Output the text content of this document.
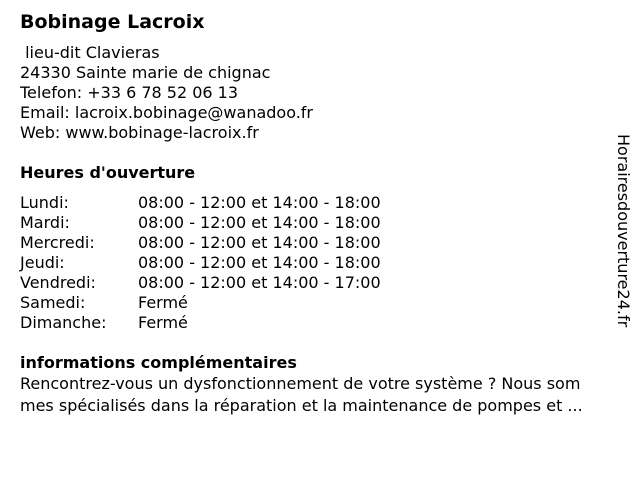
Bobinage Lacroix
lieu-dit Clavieras
24330 Sainte marie de chignac
Telefon: +33 6 78 52 06 13
Email: lacroix.bobinage@wanadoo.fr
Web: www.bobinage-lacroix.fr
Heures d'ouverture
Lundi:	08:00 - 12:00 et 14:00 - 18:00
Mardi:	08:00 - 12:00 et 14:00 - 18:00
Mercredi:	08:00 - 12:00 et 14:00 - 18:00
Jeudi:	08:00 - 12:00 et 14:00 - 18:00
Vendredi:	08:00 - 12:00 et 14:00 - 17:00
Samedi:	Fermé
Dimanche: Fermé
informations complémentaires
Rencontrez-vous un dysfonctionnement de votre système ? Nous som
mes spécialisés dans la réparation et la maintenance de pompes et ...
Horairesdouverture24.fr
